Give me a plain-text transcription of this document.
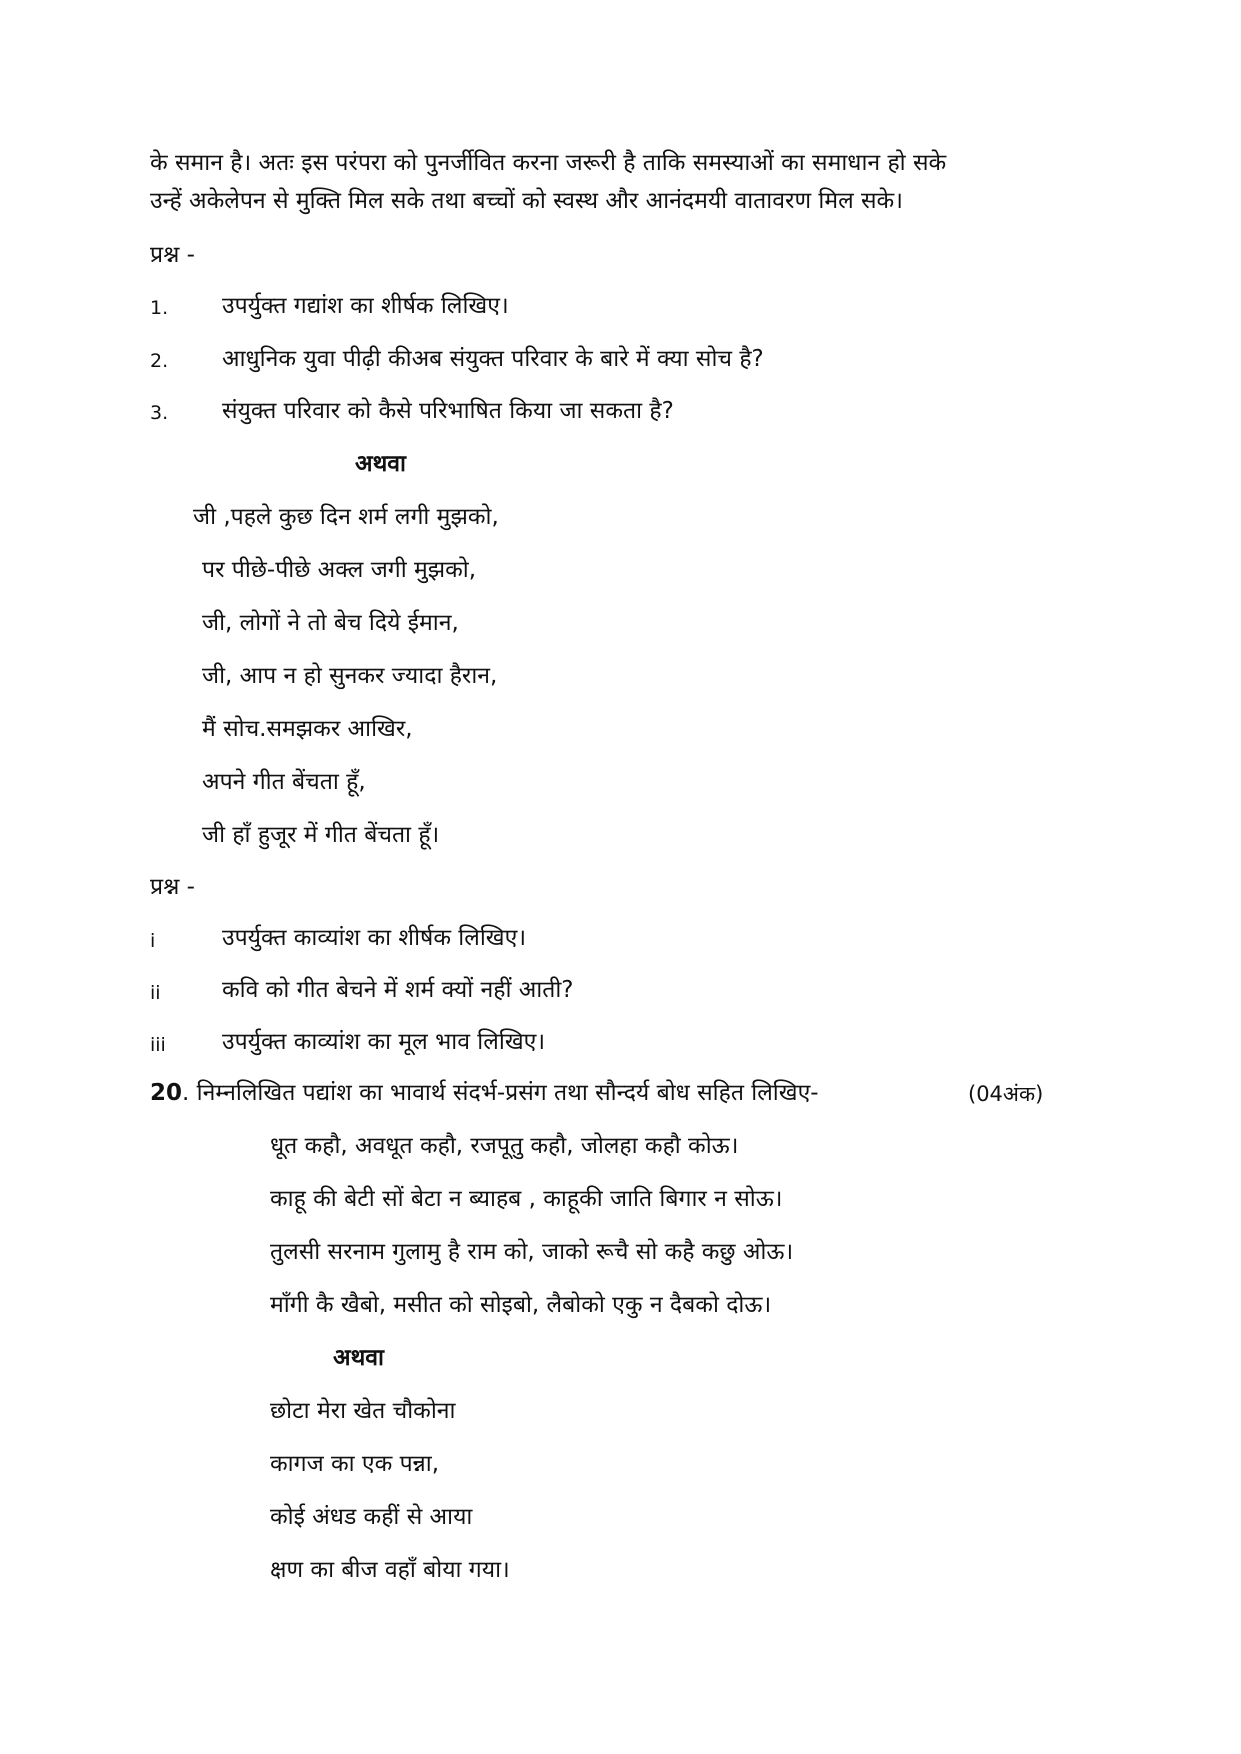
के समान है। अतः इस परंपरा को पुनर्जीवित करना जरूरी है ताकि समस्याओं का समाधान हो सके
उन्हें अकेलेपन से मुक्ति मिल सके तथा बच्चों को स्वस्थ और आनंदमयी वातावरण मिल सके।
प्रश्न -
1. उपर्युक्त गद्यांश का शीर्षक लिखिए।
2. आधुनिक युवा पीढ़ी कीअब संयुक्त परिवार के बारे में क्या सोच है?
3. संयुक्त परिवार को कैसे परिभाषित किया जा सकता है?
अथवा
जी ,पहले कुछ दिन शर्म लगी मुझको,
पर पीछे-पीछे अक्ल जगी मुझको,
जी, लोगों ने तो बेच दिये ईमान,
जी, आप न हो सुनकर ज्यादा हैरान,
मैं सोच.समझकर आखिर,
अपने गीत बेंचता हूँ,
जी हाँ हुजूर में गीत बेंचता हूँ।
प्रश्न -
i	उपर्युक्त काव्यांश का शीर्षक लिखिए।
ii	कवि को गीत बेचने में शर्म क्यों नहीं आती?
iii उपर्युक्त काव्यांश का मूल भाव लिखिए।
20. निम्नलिखित पद्यांश का भावार्थ संदर्भ-प्रसंग तथा सौन्दर्य बोध सहित लिखिए-	(04अंक)
धूत कहौ, अवधूत कहौ, रजपूतु कहौ, जोलहा कहौ कोऊ।
काहू की बेटी सों बेटा न ब्याहब , काहूकी जाति बिगार न सोऊ।
तुलसी सरनाम गुलामु है राम को, जाको रूचै सो कहै कछु ओऊ।
माँगी कै खैबो, मसीत को सोइबो, लैबोको एकु न दैबको दोऊ।
अथवा
छोटा मेरा खेत चौकोना
कागज का एक पन्ना,
कोई अंधड कहीं से आया
क्षण का बीज वहाँ बोया गया।
